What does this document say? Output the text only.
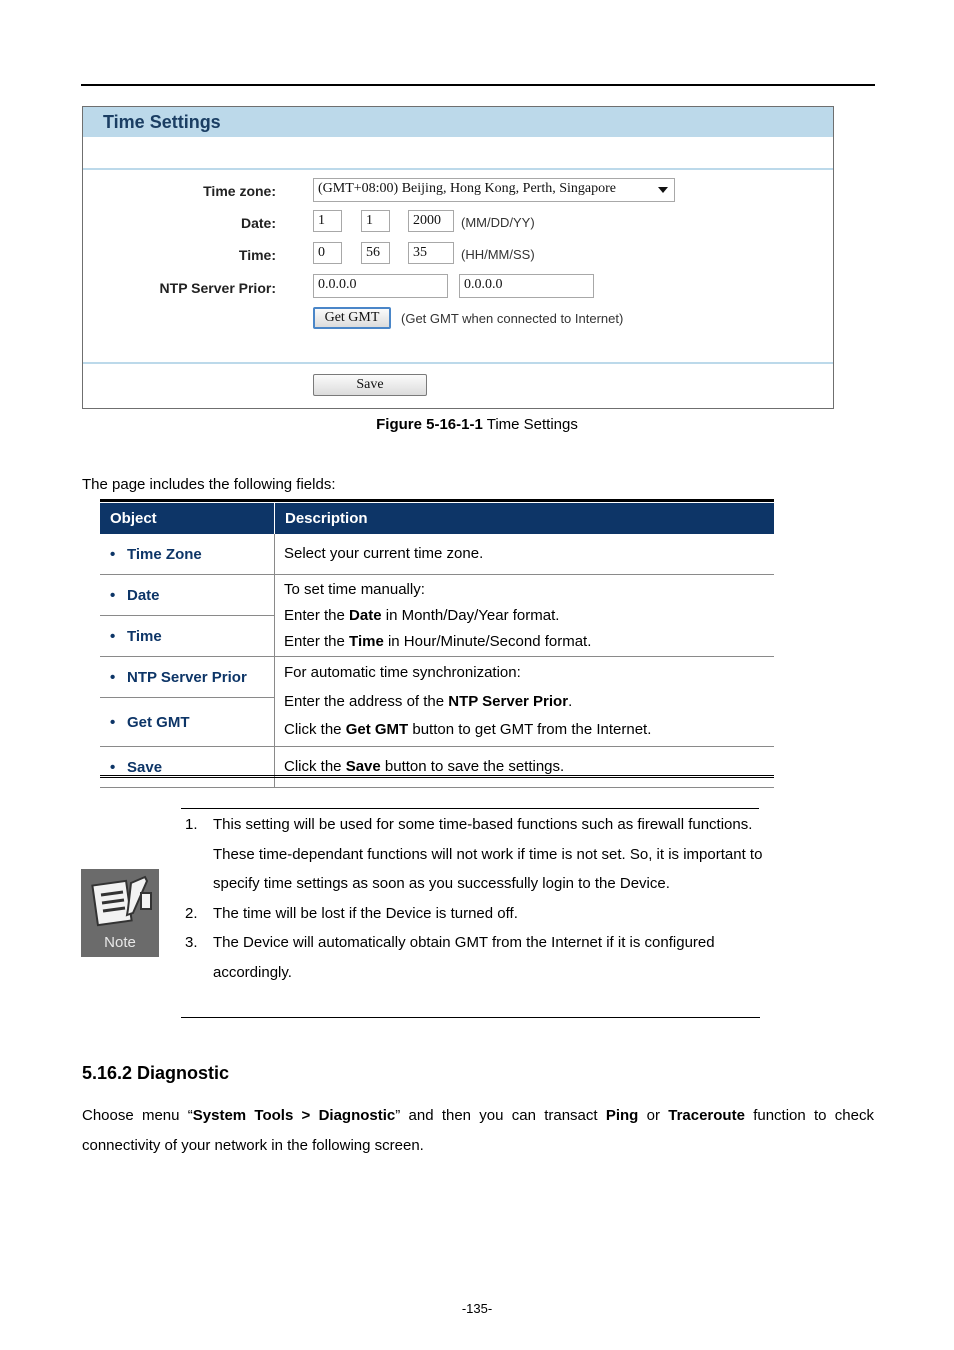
Time Settings
Time zone:	(GMT+08:00) Beijing, Hong Kong, Perth, Singapore
Date:	1	1	2000	(MM/DD/YY)
Time:	0	56	35	(HH/MM/SS)
NTP Server Prior:	0.0.0.0	0.0.0.0
Get GMT	(Get GMT when connected to Internet)
Save
Figure 5-16-1-1 Time Settings
The page includes the following fields:
Object	Description
• Time Zone	Select your current time zone.
• Date	To set time manually:
Enter the Date in Month/Day/Year format.
Enter the Time in Hour/Minute/Second format.

• Time	
• NTP Server Prior	For automatic time synchronization:
Enter the address of the NTP Server Prior.
Click the Get GMT button to get GMT from the Internet.

• Get GMT	
• Save	Click the Save button to save the settings.
Note
1. This setting will be used for some time-based functions such as firewall functions. These time-dependant functions will not work if time is not set. So, it is important to specify time settings as soon as you successfully login to the Device.
2. The time will be lost if the Device is turned off.
3. The Device will automatically obtain GMT from the Internet if it is configured accordingly.
5.16.2 Diagnostic
Choose menu “System Tools > Diagnostic” and then you can transact Ping or Traceroute function to check connectivity of your network in the following screen.
-135-
